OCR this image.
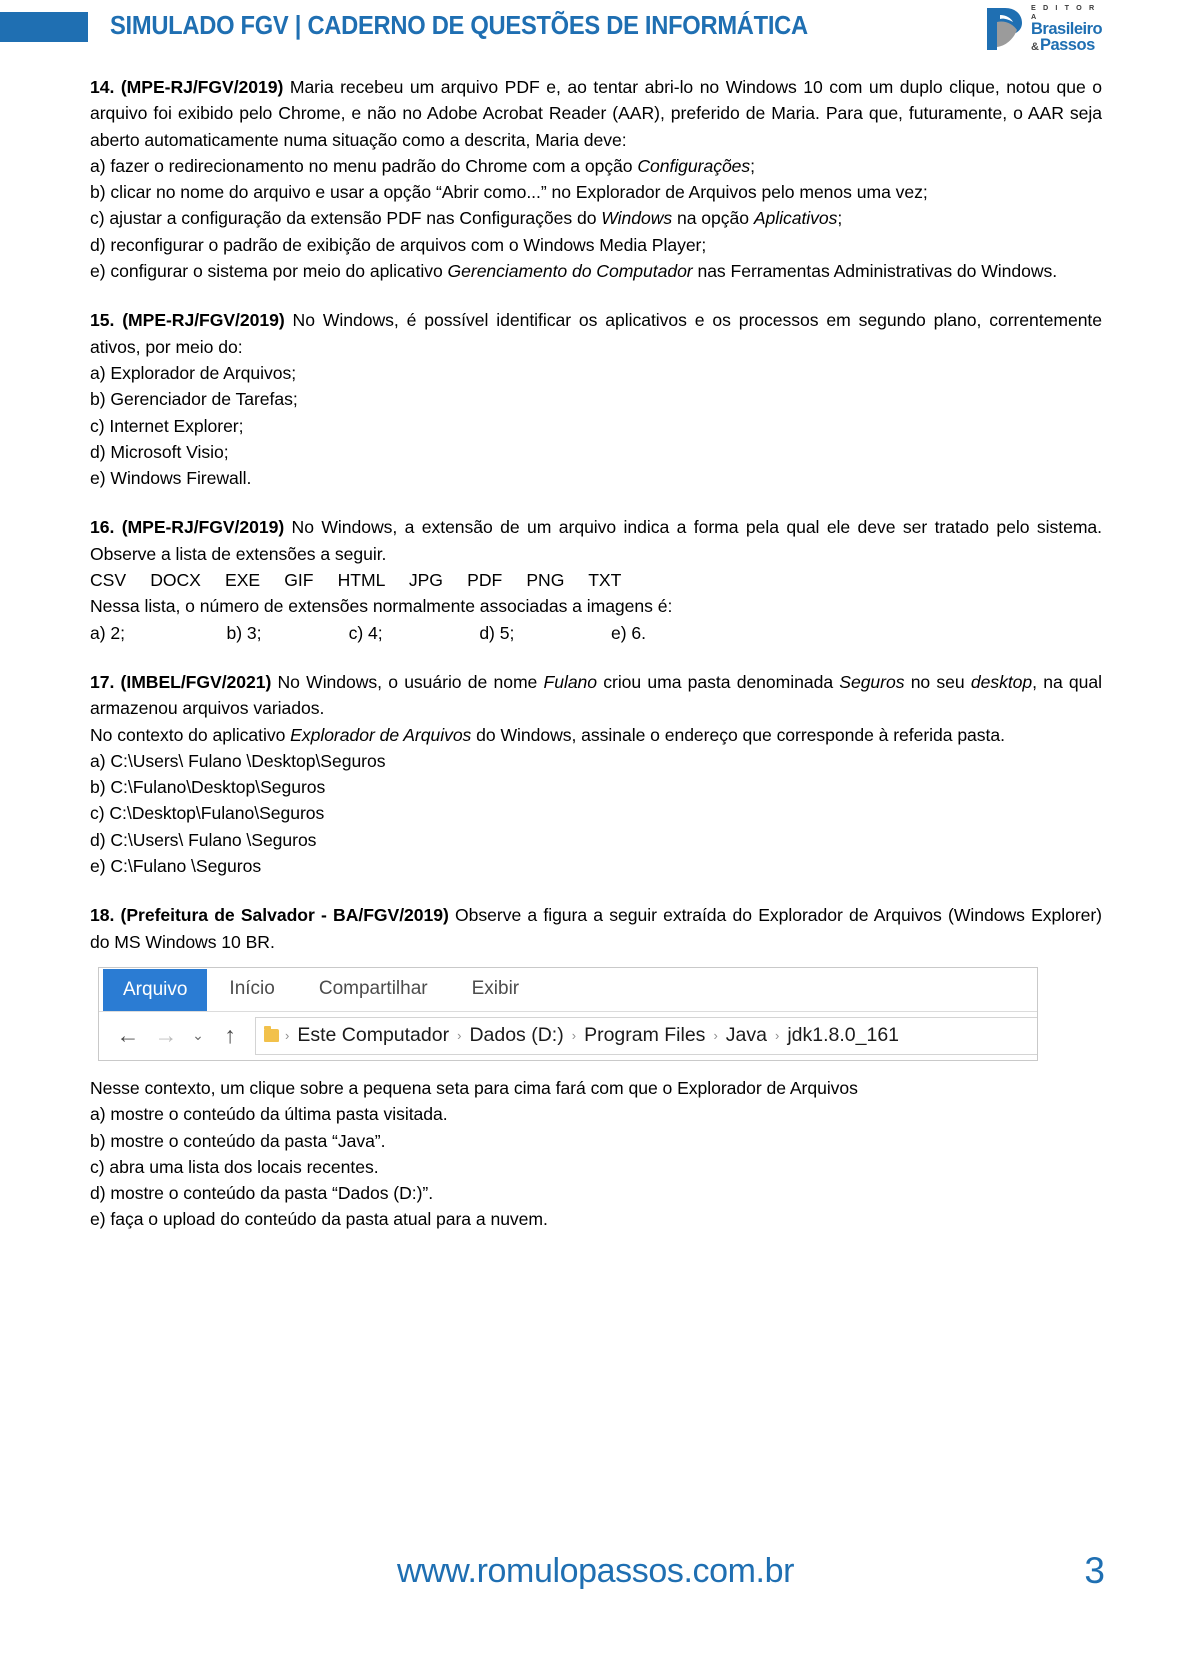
SIMULADO FGV | CADERNO DE QUESTÕES DE INFORMÁTICA
E D I T O R A
Brasileiro
& Passos

14. (MPE-RJ/FGV/2019) Maria recebeu um arquivo PDF e, ao tentar abri-lo no Windows 10 com um duplo clique, notou que o arquivo foi exibido pelo Chrome, e não no Adobe Acrobat Reader (AAR), preferido de Maria. Para que, futuramente, o AAR seja aberto automaticamente numa situação como a descrita, Maria deve:

a) fazer o redirecionamento no menu padrão do Chrome com a opção Configurações;

b) clicar no nome do arquivo e usar a opção “Abrir como...” no Explorador de Arquivos pelo menos uma vez;

c) ajustar a configuração da extensão PDF nas Configurações do Windows na opção Aplicativos;

d) reconfigurar o padrão de exibição de arquivos com o Windows Media Player;

e) configurar o sistema por meio do aplicativo Gerenciamento do Computador nas Ferramentas Administrativas do Windows.

15. (MPE-RJ/FGV/2019) No Windows, é possível identificar os aplicativos e os processos em segundo plano, correntemente ativos, por meio do:

a) Explorador de Arquivos;

b) Gerenciador de Tarefas;

c) Internet Explorer;

d) Microsoft Visio;

e) Windows Firewall.

16. (MPE-RJ/FGV/2019) No Windows, a extensão de um arquivo indica a forma pela qual ele deve ser tratado pelo sistema. Observe a lista de extensões a seguir.

CSV     DOCX     EXE     GIF     HTML     JPG     PDF     PNG     TXT

Nessa lista, o número de extensões normalmente associadas a imagens é:

a) 2;                     b) 3;                  c) 4;                    d) 5;                    e) 6.

17. (IMBEL/FGV/2021) No Windows, o usuário de nome Fulano criou uma pasta denominada Seguros no seu desktop, na qual armazenou arquivos variados.

No contexto do aplicativo Explorador de Arquivos do Windows, assinale o endereço que corresponde à referida pasta.

a) C:\Users\ Fulano \Desktop\Seguros

b) C:\Fulano\Desktop\Seguros

c) C:\Desktop\Fulano\Seguros

d) C:\Users\ Fulano \Seguros

e) C:\Fulano \Seguros

18. (Prefeitura de Salvador - BA/FGV/2019) Observe a figura a seguir extraída do Explorador de Arquivos (Windows Explorer) do MS Windows 10 BR.

Arquivo	Início	Compartilhar	Exibir
← →	⌄ ↑	› Este Computador › Dados (D:) › Program Files › Java › jdk1.8.0_161

Nesse contexto, um clique sobre a pequena seta para cima fará com que o Explorador de Arquivos

a) mostre o conteúdo da última pasta visitada.

b) mostre o conteúdo da pasta “Java”.

c) abra uma lista dos locais recentes.

d) mostre o conteúdo da pasta “Dados (D:)”.

e) faça o upload do conteúdo da pasta atual para a nuvem.

www.romulopassos.com.br	3
